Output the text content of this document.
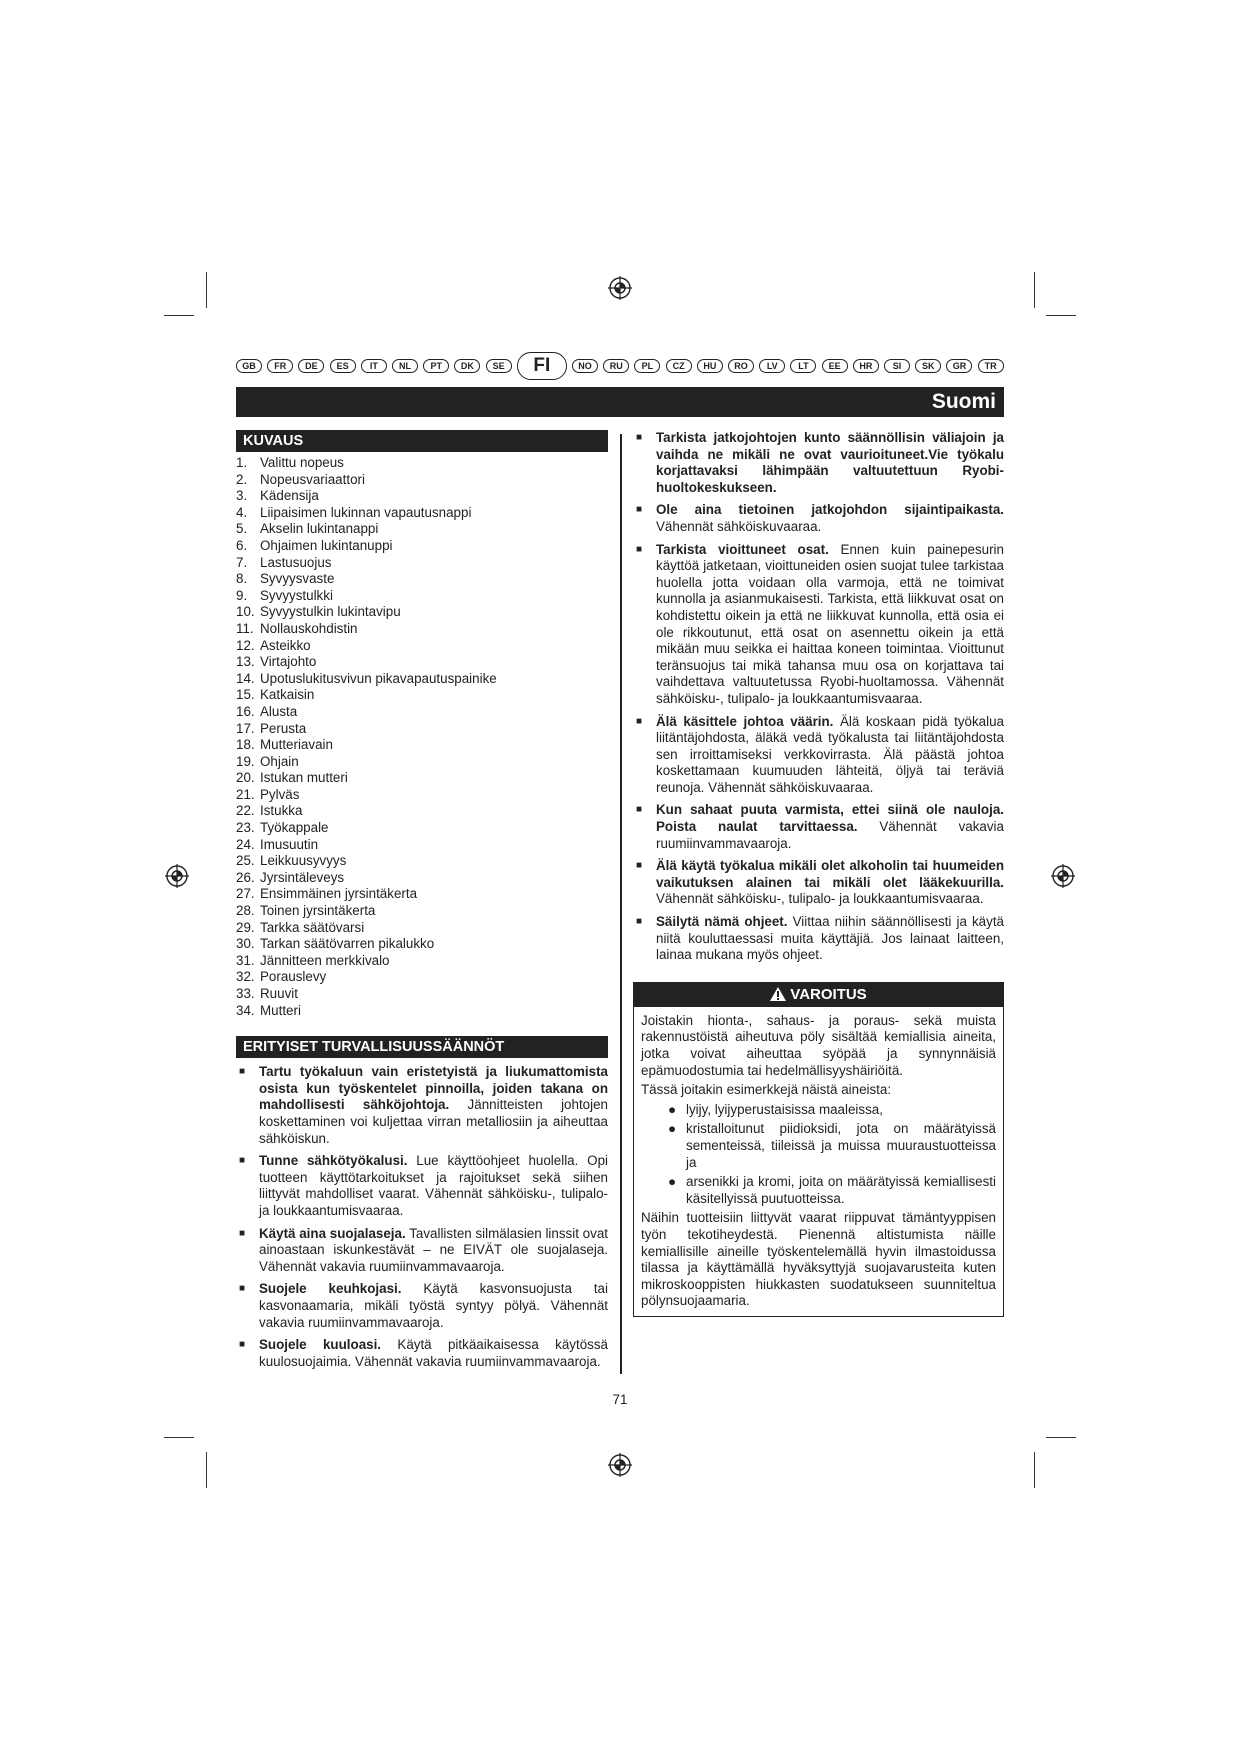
GB	FR	DE	ES	IT	NL	PT	DK	SE	FI	NO	RU	PL	CZ	HU	RO	LV	LT	EE	HR	SI	SK	GR	TR
Suomi
KUVAUS
1. Valittu nopeus
2. Nopeusvariaattori
3. Kädensija
4. Liipaisimen lukinnan vapautusnappi
5. Akselin lukintanappi
6. Ohjaimen lukintanuppi
7. Lastusuojus
8. Syvyysvaste
9. Syvyystulkki
10. Syvyystulkin lukintavipu
11. Nollauskohdistin
12. Asteikko
13. Virtajohto
14. Upotuslukitusvivun pikavapautuspainike
15. Katkaisin
16. Alusta
17. Perusta
18. Mutteriavain
19. Ohjain
20. Istukan mutteri
21. Pylväs
22. Istukka
23. Työkappale
24. Imusuutin
25. Leikkuusyvyys
26. Jyrsintäleveys
27. Ensimmäinen jyrsintäkerta
28. Toinen jyrsintäkerta
29. Tarkka säätövarsi
30. Tarkan säätövarren pikalukko
31. Jännitteen merkkivalo
32. Porauslevy
33. Ruuvit
34. Mutteri
ERITYISET TURVALLISUUSSÄÄNNÖT
■ Tartu työkaluun vain eristetyistä ja liukumattomista osista kun työskentelet pinnoilla, joiden takana on mahdollisesti sähköjohtoja. Jännitteisten johtojen koskettaminen voi kuljettaa virran metalliosiin ja aiheuttaa sähköiskun.
■ Tunne sähkötyökalusi. Lue käyttöohjeet huolella. Opi tuotteen käyttötarkoitukset ja rajoitukset sekä siihen liittyvät mahdolliset vaarat. Vähennät sähköisku-, tulipalo- ja loukkaantumisvaaraa.
■ Käytä aina suojalaseja. Tavallisten silmälasien linssit ovat ainoastaan iskunkestävät – ne EIVÄT ole suojalaseja. Vähennät vakavia ruumiinvammavaaroja.
■ Suojele keuhkojasi. Käytä kasvonsuojusta tai kasvonaamaria, mikäli työstä syntyy pölyä. Vähennät vakavia ruumiinvammavaaroja.
■ Suojele kuuloasi. Käytä pitkäaikaisessa käytössä kuulosuojaimia. Vähennät vakavia ruumiinvammavaaroja.
■ Tarkista jatkojohtojen kunto säännöllisin väliajoin ja vaihda ne mikäli ne ovat vaurioituneet.Vie työkalu korjattavaksi lähimpään valtuutettuun Ryobi-huoltokeskukseen.
■ Ole aina tietoinen jatkojohdon sijaintipaikasta. Vähennät sähköiskuvaaraa.
■ Tarkista vioittuneet osat. Ennen kuin painepesurin käyttöä jatketaan, vioittuneiden osien suojat tulee tarkistaa huolella jotta voidaan olla varmoja, että ne toimivat kunnolla ja asianmukaisesti. Tarkista, että liikkuvat osat on kohdistettu oikein ja että ne liikkuvat kunnolla, että osia ei ole rikkoutunut, että osat on asennettu oikein ja että mikään muu seikka ei haittaa koneen toimintaa. Vioittunut teränsuojus tai mikä tahansa muu osa on korjattava tai vaihdettava valtuutetussa Ryobi-huoltamossa. Vähennät sähköisku-, tulipalo- ja loukkaantumisvaaraa.
■ Älä käsittele johtoa väärin. Älä koskaan pidä työkalua liitäntäjohdosta, äläkä vedä työkalusta tai liitäntäjohdosta sen irroittamiseksi verkkovirrasta. Älä päästä johtoa koskettamaan kuumuuden lähteitä, öljyä tai teräviä reunoja. Vähennät sähköiskuvaaraa.
■ Kun sahaat puuta varmista, ettei siinä ole nauloja. Poista naulat tarvittaessa. Vähennät vakavia ruumiinvammavaaroja.
■ Älä käytä työkalua mikäli olet alkoholin tai huumeiden vaikutuksen alainen tai mikäli olet lääkekuurilla. Vähennät sähköisku-, tulipalo- ja loukkaantumisvaaraa.
■ Säilytä nämä ohjeet. Viittaa niihin säännöllisesti ja käytä niitä kouluttaessasi muita käyttäjiä. Jos lainaat laitteen, lainaa mukana myös ohjeet.
VAROITUS

Joistakin hionta-, sahaus- ja poraus- sekä muista rakennustöistä aiheutuva pöly sisältää kemiallisia aineita, jotka voivat aiheuttaa syöpää ja synnynnäisiä epämuodostumia tai hedelmällisyyshäiriöitä.

Tässä joitakin esimerkkejä näistä aineista:

● lyijy, lyijyperustaisissa maaleissa,

● kristalloitunut piidioksidi, jota on määrätyissä sementeissä, tiileissä ja muissa muuraustuotteissa ja

● arsenikki ja kromi, joita on määrätyissä kemiallisesti käsitellyissä puutuotteissa.

Näihin tuotteisiin liittyvät vaarat riippuvat tämäntyyppisen työn tekotiheydestä. Pienennä altistumista näille kemiallisille aineille työskentelemällä hyvin ilmastoidussa tilassa ja käyttämällä hyväksyttyjä suojavarusteita kuten mikroskooppisten hiukkasten suodatukseen suunniteltua pölynsuojaamaria.

71
